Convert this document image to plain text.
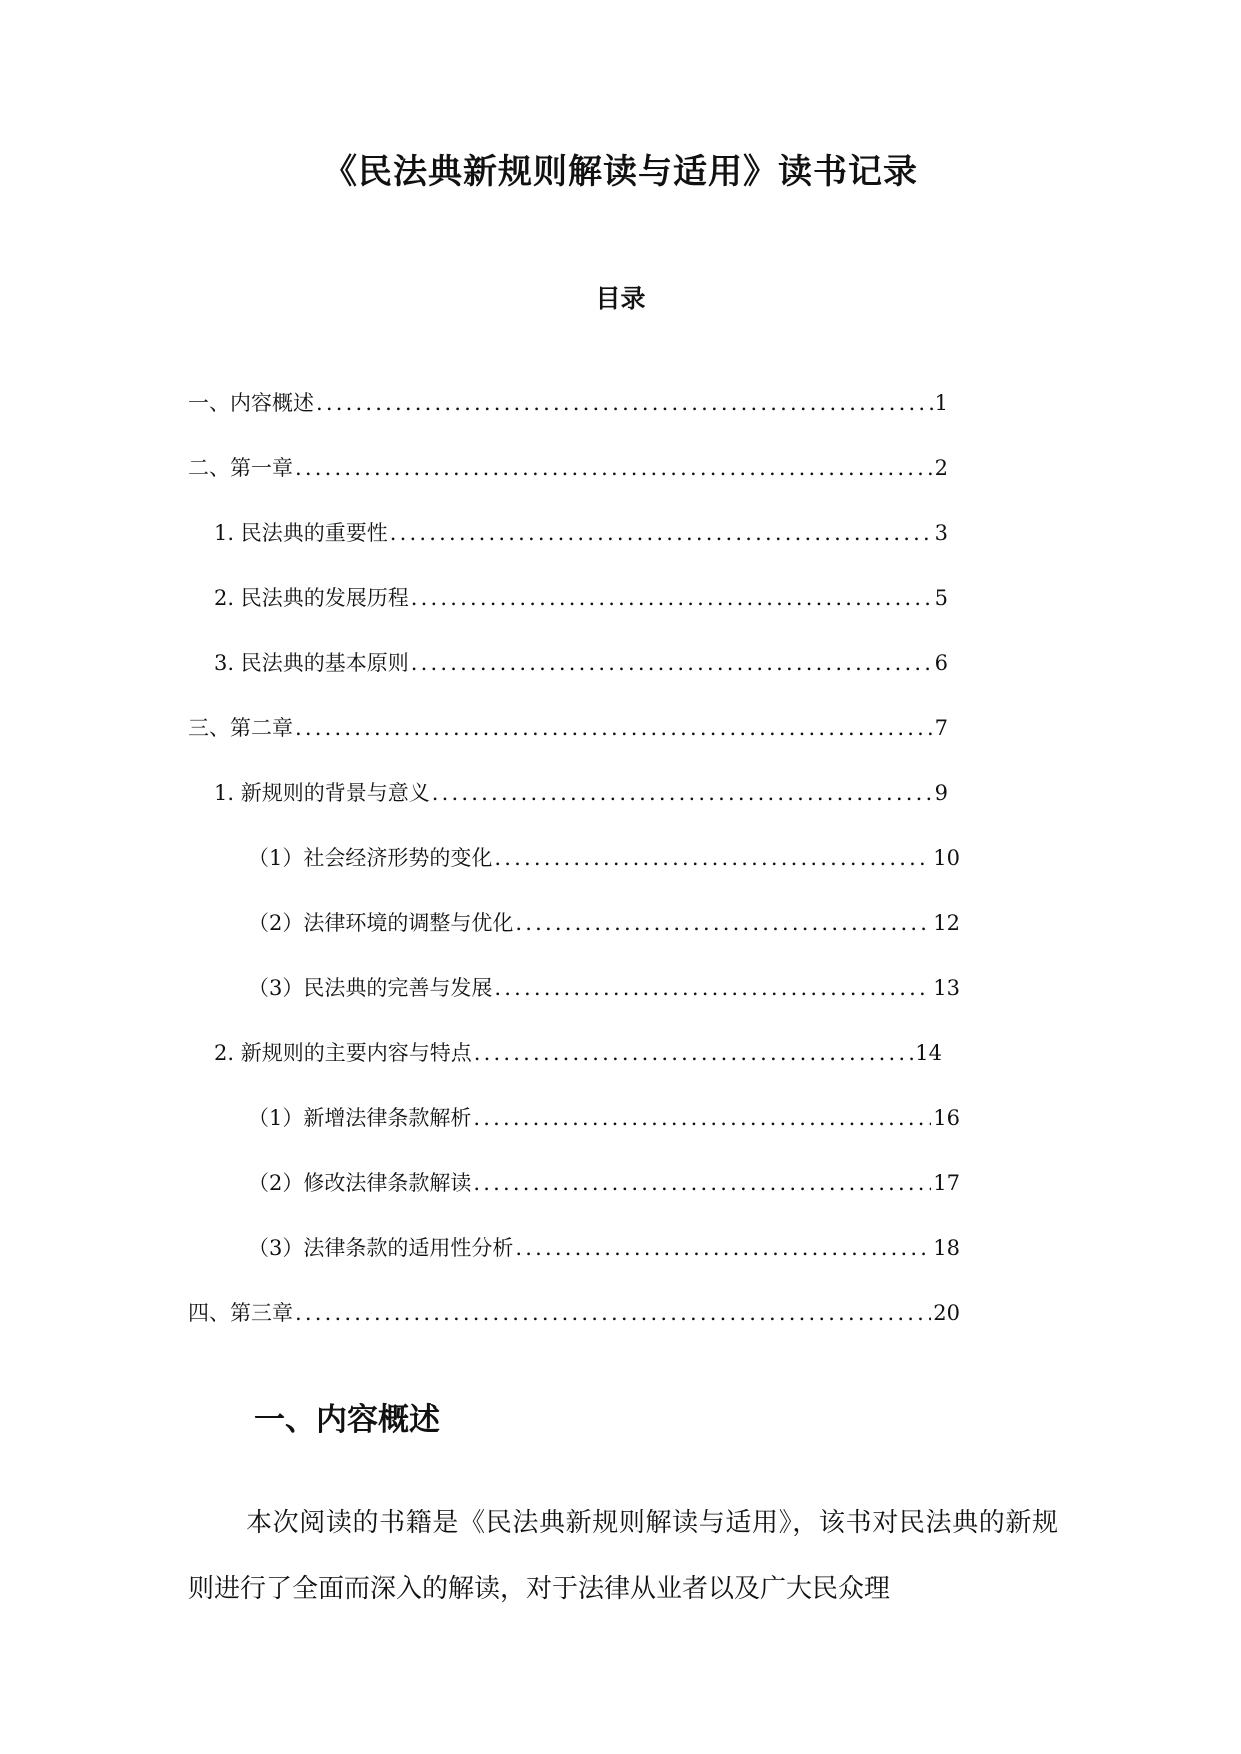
《民法典新规则解读与适用》读书记录
目录
一、内容概述 .....	1
二、第一章 .....	2
1. 民法典的重要性 .....	3
2. 民法典的发展历程 .....	5
3. 民法典的基本原则 .....	6
三、第二章 .....	7
1. 新规则的背景与意义 .....	9
（1）社会经济形势的变化 .....	10
（2）法律环境的调整与优化 .....	12
（3）民法典的完善与发展 .....	13
2. 新规则的主要内容与特点 .....	14
（1）新增法律条款解析 .....	16
（2）修改法律条款解读 .....	17
（3）法律条款的适用性分析 .....	18
四、第三章 .....	20
一、内容概述

本次阅读的书籍是《民法典新规则解读与适用》，该书对民法典的新规则进行了全面而深入的解读，对于法律从业者以及广大民众理
